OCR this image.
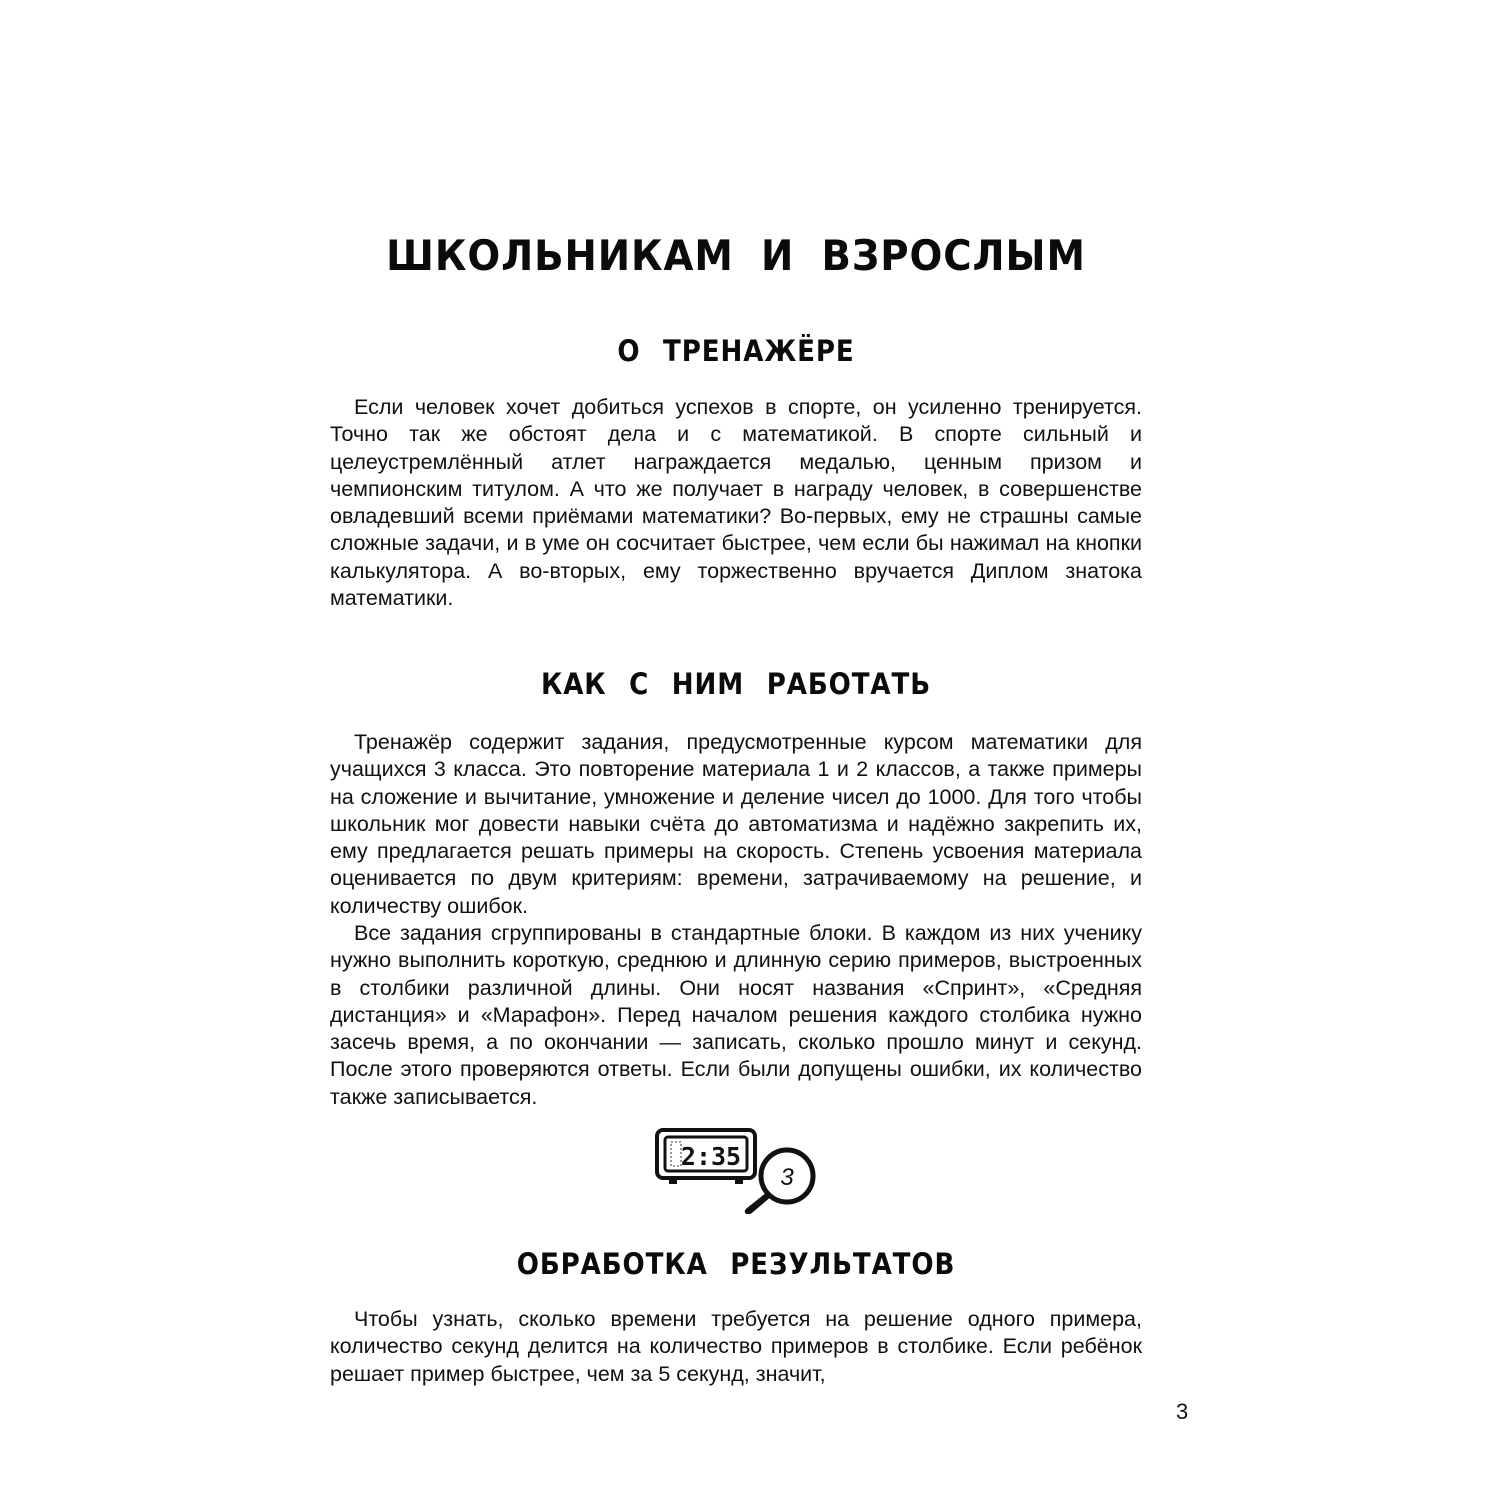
ШКОЛЬНИКАМ И ВЗРОСЛЫМ
О ТРЕНАЖЁРЕ

Если человек хочет добиться успехов в спорте, он усиленно тренируется. Точно так же обстоят дела и с математикой. В спорте сильный и целеустремлённый атлет награждается медалью, ценным призом и чемпионским титулом. А что же получает в награду человек, в совершенстве овладевший всеми приёмами математики? Во-первых, ему не страшны самые сложные задачи, и в уме он сосчитает быстрее, чем если бы нажимал на кнопки калькулятора. А во-вторых, ему торжественно вручается Диплом знатока математики.

КАК С НИМ РАБОТАТЬ

Тренажёр содержит задания, предусмотренные курсом математики для учащихся 3 класса. Это повторение материала 1 и 2 классов, а также примеры на сложение и вычитание, умножение и деление чисел до 1000. Для того чтобы школьник мог довести навыки счёта до автоматизма и надёжно закрепить их, ему предлагается решать примеры на скорость. Степень усвоения материала оценивается по двум критериям: времени, затрачиваемому на решение, и количеству ошибок.

Все задания сгруппированы в стандартные блоки. В каждом из них ученику нужно выполнить короткую, среднюю и длинную серию примеров, выстроенных в столбики различной длины. Они носят названия «Спринт», «Средняя дистанция» и «Марафон». Перед началом решения каждого столбика нужно засечь время, а по окончании — записать, сколько прошло минут и секунд. После этого проверяются ответы. Если были допущены ошибки, их количество также записывается.

2:35
3
ОБРАБОТКА РЕЗУЛЬТАТОВ

Чтобы узнать, сколько времени требуется на решение одного примера, количество секунд делится на количество примеров в столбике. Если ребёнок решает пример быстрее, чем за 5 секунд, значит,

3
